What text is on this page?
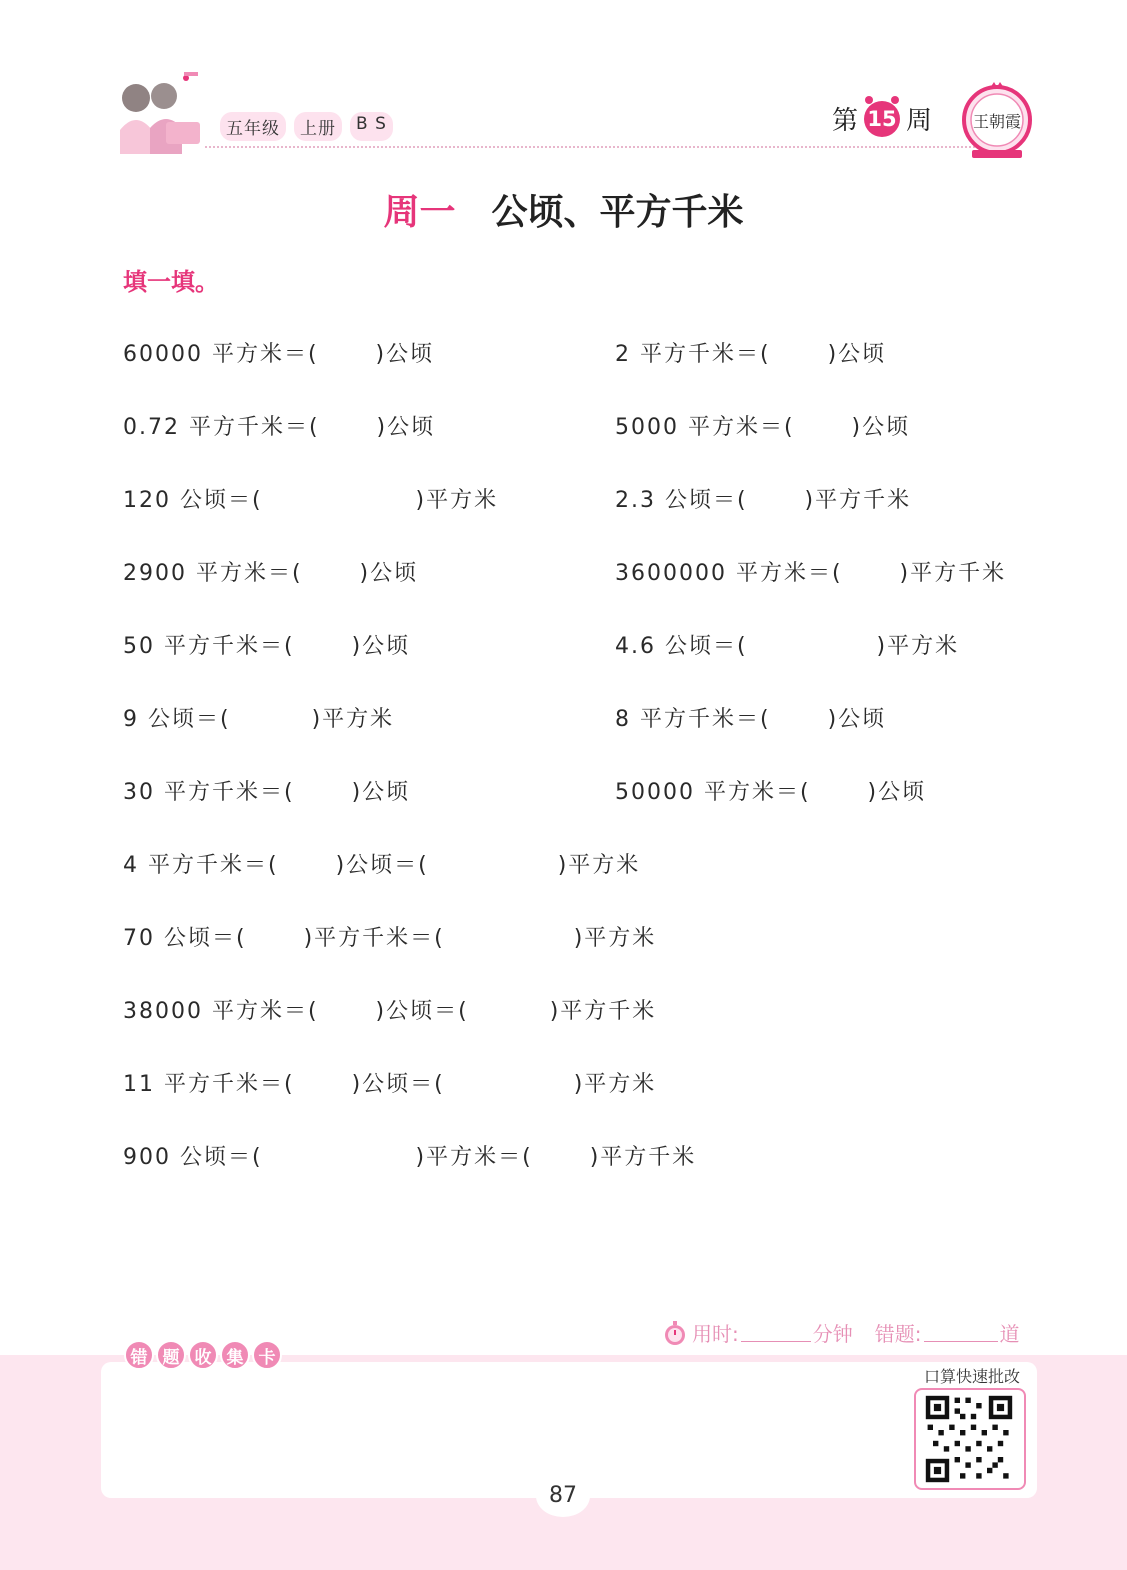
五年级	上册	B S	第 15 周	王朝霞
周一 公顷、平方千米
填一填。
60000 平方米＝(　　 )公顷	2 平方千米＝(　　 )公顷
0.72 平方千米＝(　　 )公顷	5000 平方米＝(　　 )公顷
120 公顷＝(　　　　　　 )平方米	2.3 公顷＝(　　 )平方千米
2900 平方米＝(　　 )公顷	3600000 平方米＝(　　 )平方千米
50 平方千米＝(　　 )公顷	4.6 公顷＝(　　　　　 )平方米
9 公顷＝(　　　 )平方米	8 平方千米＝(　　 )公顷
30 平方千米＝(　　 )公顷	50000 平方米＝(　　 )公顷
4 平方千米＝(　　 )公顷＝(　　　　　 )平方米
70 公顷＝(　　 )平方千米＝(　　　　　 )平方米
38000 平方米＝(　　 )公顷＝(　　　 )平方千米
11 平方千米＝(　　 )公顷＝(　　　　　 )平方米
900 公顷＝(　　　　　　 )平方米＝(　　 )平方千米
用时:	分钟 错题:	道
错 题 收 集 卡
口算快速批改
87
